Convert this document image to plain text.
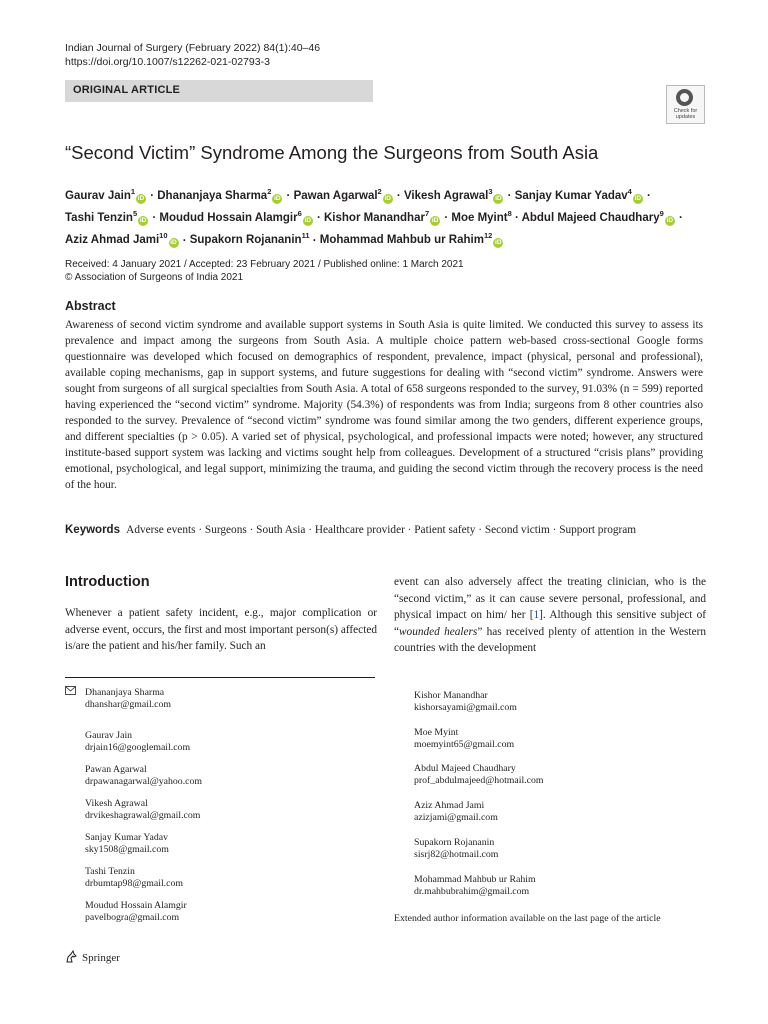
Indian Journal of Surgery (February 2022) 84(1):40–46
https://doi.org/10.1007/s12262-021-02793-3
ORIGINAL ARTICLE
Check for updates
“Second Victim” Syndrome Among the Surgeons from South Asia
Gaurav Jain$^1$iD · Dhananjaya Sharma$^2$iD · Pawan Agarwal$^2$iD · Vikesh Agrawal$^3$iD · Sanjay Kumar Yadav$^4$iD ·
Tashi Tenzin$^5$iD · Moudud Hossain Alamgir$^6$iD · Kishor Manandhar$^7$iD · Moe Myint$^8$ · Abdul Majeed Chaudhary$^9$iD ·
Aziz Ahmad Jami$^{10}$iD · Supakorn Rojananin$^{11}$ · Mohammad Mahbub ur Rahim$^{12}$iD
Received: 4 January 2021 / Accepted: 23 February 2021 / Published online: 1 March 2021
© Association of Surgeons of India 2021
Abstract
Awareness of second victim syndrome and available support systems in South Asia is quite limited. We conducted this survey to assess its prevalence and impact among the surgeons from South Asia. A multiple choice pattern web-based cross-sectional Google forms questionnaire was developed which focused on demographics of respondent, prevalence, impact (physical, personal and professional), available coping mechanisms, gap in support systems, and future suggestions for dealing with “second victim” syndrome. Answers were sought from surgeons of all surgical specialties from South Asia. A total of 658 surgeons responded to the survey, 91.03% (n = 599) reported having experienced the “second victim” syndrome. Majority (54.3%) of respondents was from India; surgeons from 8 other countries also responded to the survey. Prevalence of “second victim” syndrome was found similar among the two genders, different experience groups, and different specialties (p > 0.05). A varied set of physical, psychological, and professional impacts were noted; however, any structured institute-based support system was lacking and victims sought help from colleagues. Development of a structured “crisis plans” providing emotional, psychological, and legal support, minimizing the trauma, and guiding the second victim through the recovery process is the need of the hour.
Keywords Adverse events · Surgeons · South Asia · Healthcare provider · Patient safety · Second victim · Support program
Introduction
Whenever a patient safety incident, e.g., major complication or adverse event, occurs, the first and most important person(s) affected is/are the patient and his/her family. Such an
event can also adversely affect the treating clinician, who is the “second victim,” as it can cause severe personal, professional, and physical impact on him/ her [1]. Although this sensitive subject of “wounded healers” has received plenty of attention in the Western countries with the development
Dhananjaya Sharma
dhanshar@gmail.com
Gaurav Jain
drjain16@googlemail.com
Pawan Agarwal
drpawanagarwal@yahoo.com
Vikesh Agrawal
drvikeshagrawal@gmail.com
Sanjay Kumar Yadav
sky1508@gmail.com
Tashi Tenzin
drbumtap98@gmail.com
Moudud Hossain Alamgir
pavelbogra@gmail.com
Kishor Manandhar
kishorsayami@gmail.com
Moe Myint
moemyint65@gmail.com
Abdul Majeed Chaudhary
prof_abdulmajeed@hotmail.com
Aziz Ahmad Jami
azizjami@gmail.com
Supakorn Rojananin
sisrj82@hotmail.com
Mohammad Mahbub ur Rahim
dr.mahbubrahim@gmail.com
Extended author information available on the last page of the article
Springer
